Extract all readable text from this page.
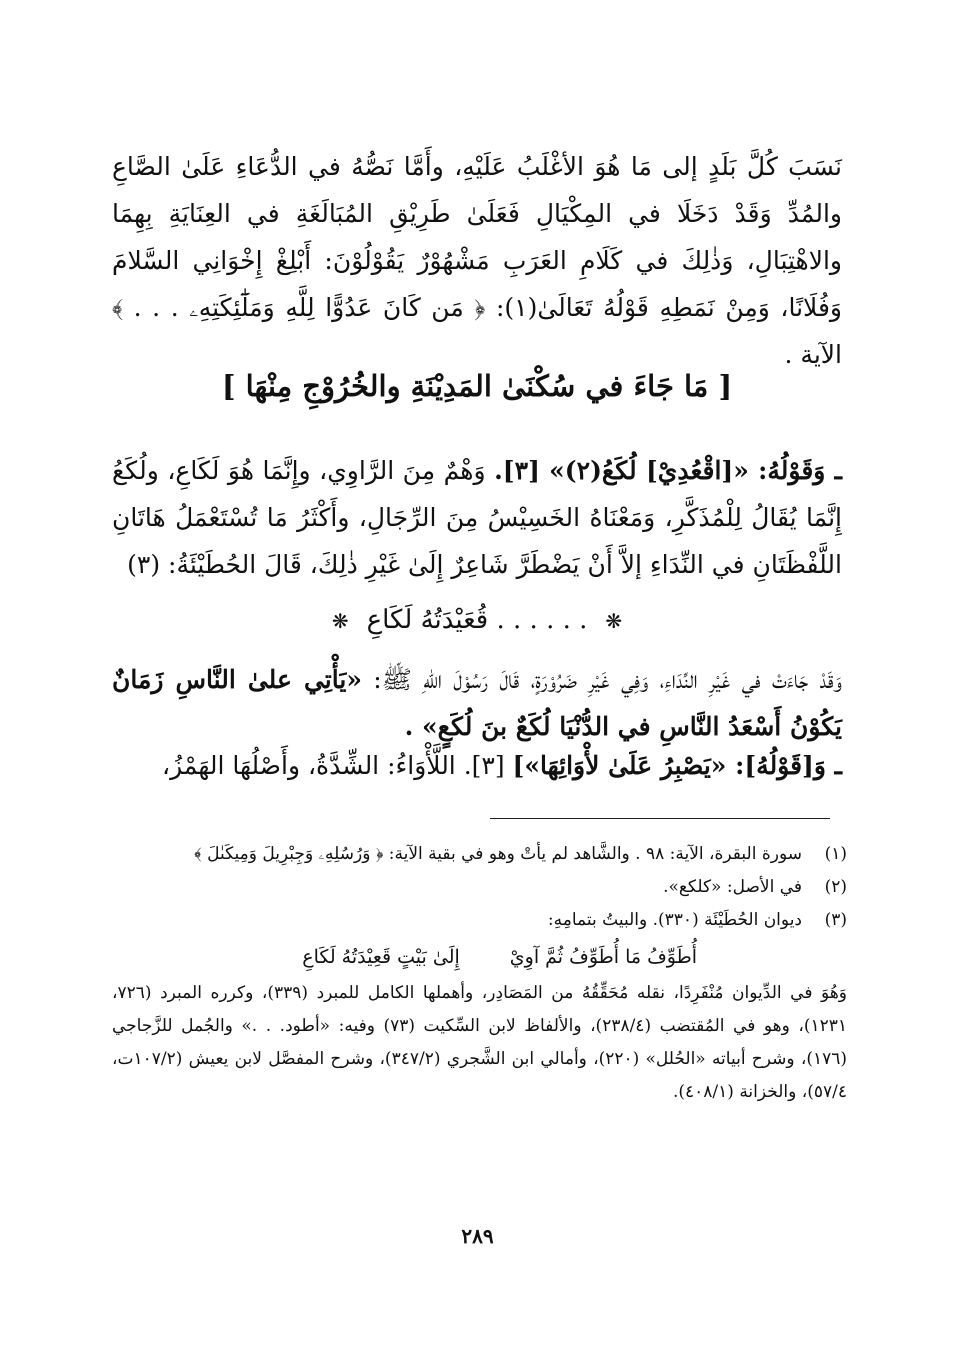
نَسَبَ كُلَّ بَلَدٍ إلى مَا هُوَ الأغْلَبُ عَلَيْهِ، وأَمَّا نَصُّهُ في الدُّعَاءِ عَلَىٰ الصَّاعِ والمُدِّ وَقَدْ دَخَلَا في المِكْيَالِ فَعَلَىٰ طَرِيْقِ المُبَالَغَةِ في العِنَايَةِ بِهِمَا والاهْتِبَالِ، وَذٰلِكَ في كَلَامِ العَرَبِ مَشْهُوْرٌ يَقُوْلُوْنَ: أَبْلِغْ إِخْوَانِي السَّلامَ وَفُلَانًا، وَمِنْ نَمَطِهِ قَوْلُهُ تَعَالَىٰ(١): ﴿ مَن كَانَ عَدُوًّا لِلَّهِ وَمَلَٰٓئِكَتِهِۦ . . . ﴾ الآية .
[ مَا جَاءَ في سُكْنَىٰ المَدِيْنَةِ والخُرُوْجِ مِنْهَا ]
ـ وَقَوْلُهُ: «[اقْعُدِيْ] لُكَعُ(٢)» [٣]. وَهْمٌ مِنَ الرَّاوِي، وإِنَّمَا هُوَ لَكَاعِ، ولُكَعُ إِنَّمَا يُقَالُ لِلْمُذَكَّرِ، وَمَعْنَاهُ الخَسِيْسُ مِنَ الرِّجَالِ، وأَكْثَرُ مَا تُسْتَعْمَلُ هَاتَانِ اللَّفْظَتَانِ في النِّدَاءِ إلاَّ أَنْ يَضْطَرَّ شَاعِرٌ إِلَىٰ غَيْرِ ذٰلِكَ، قَالَ الحُطَيْئَةُ: (٣)
❋. . . . . . قُعَيْدَتُهُ لَكَاعِ❋
وَقَدْ جَاءَتْ في غَيْرِ النِّدَاءِ، وَفِي غَيْرِ ضَرُوْرَةٍ، قَالَ رَسُوْلَ اللهِ ﷺ: «يَأْتِي علىٰ النَّاسِ زَمَانٌ يَكُوْنُ أَسْعَدُ النَّاسِ في الدُّنْيَا لُكَعٌ بنَ لُكَعٍ» .
ـ وَ[قَوْلُهُ]: «يَصْبِرُ عَلَىٰ لأْوَائِهَا»] [٣]. اللَّأْوَاءُ: الشِّدَّةُ، وأَصْلُهَا الهَمْزُ،
(١)
سورة البقرة، الآية: ٩٨ . والشَّاهد لم يأتْ وهو في بقية الآية: ﴿ وَرُسُلِهِۦ وَجِبْرِيلَ وَمِيكَىٰلَ ﴾
(٢)
في الأصل: «كلكع».
(٣)
ديوان الحُطَيْئَة (٣٣٠). والبيتُ بتمامِهِ:
أُطَوِّفُ مَا أُطَوِّفُ ثُمَّ آوِيْ
إِلَىٰ بَيْتٍ قَعِيْدَتُهُ لَكَاعِ
وَهُوَ في الدِّيوان مُنْفَرِدًا، نقله مُحَقِّقُهُ من المَصَادِر، وأهملها الكامل للمبرد (٣٣٩)، وكرره المبرد (٧٢٦، ١٢٣١)، وهو في المُقتضب (٢٣٨/٤)، والألفاظ لابن السِّكيت (٧٣) وفيه: «أطود. . .» والجُمل للزَّجاجي (١٧٦)، وشرح أبياته «الحُلل» (٢٢٠)، وأمالي ابن الشَّجري (٣٤٧/٢)، وشرح المفصَّل لابن يعيش (١٠٧/٢ت، ٥٧/٤)، والخزانة (٤٠٨/١).
٢٨٩
